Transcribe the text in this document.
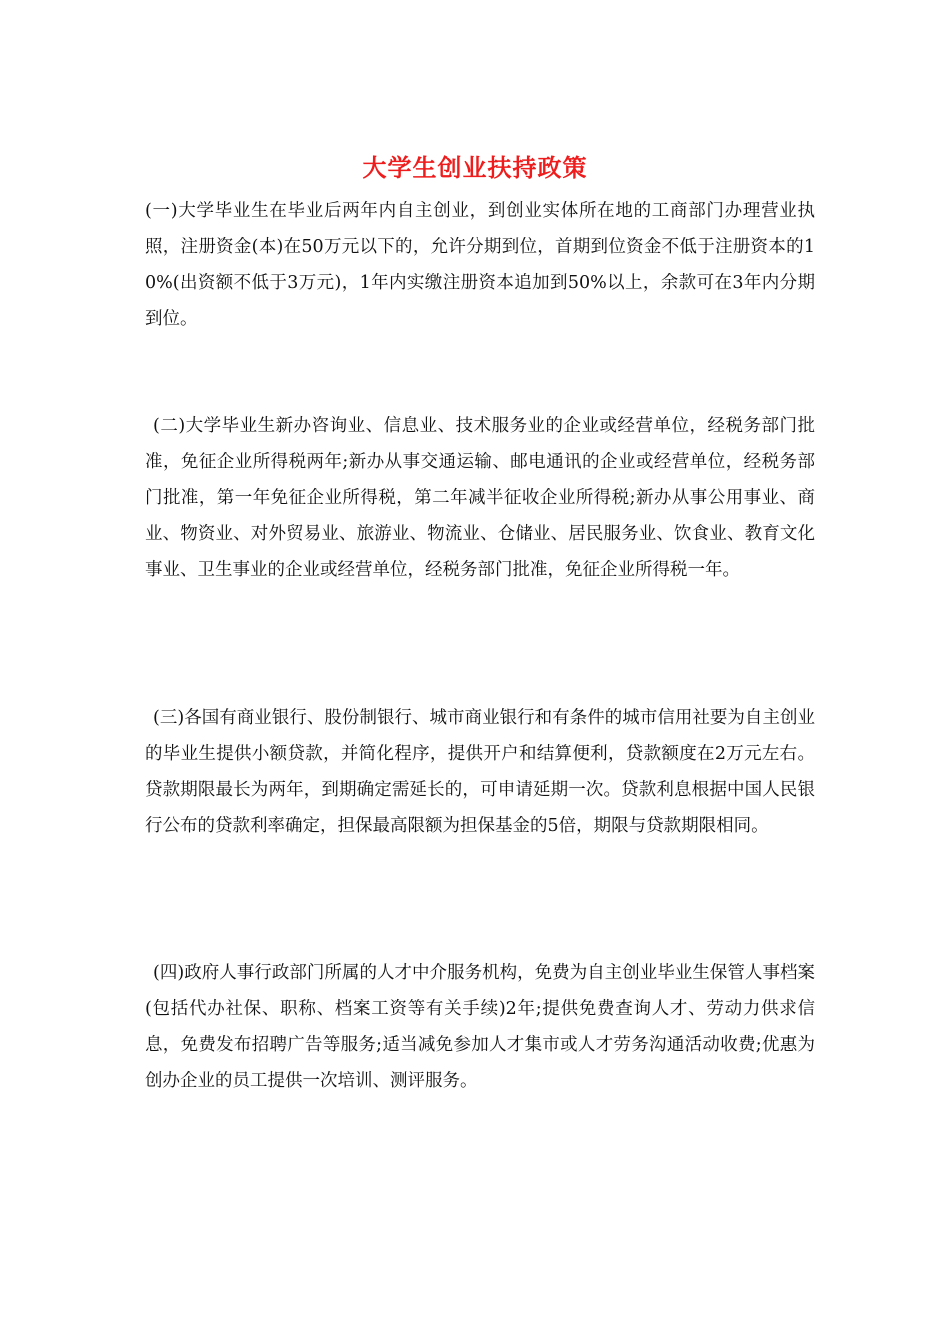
大学生创业扶持政策

(一)大学毕业生在毕业后两年内自主创业，到创业实体所在地的工商部门办理营业执照，注册资金(本)在50万元以下的，允许分期到位，首期到位资金不低于注册资本的10%(出资额不低于3万元)，1年内实缴注册资本追加到50%以上，余款可在3年内分期到位。

(二)大学毕业生新办咨询业、信息业、技术服务业的企业或经营单位，经税务部门批准，免征企业所得税两年;新办从事交通运输、邮电通讯的企业或经营单位，经税务部门批准，第一年免征企业所得税，第二年减半征收企业所得税;新办从事公用事业、商业、物资业、对外贸易业、旅游业、物流业、仓储业、居民服务业、饮食业、教育文化事业、卫生事业的企业或经营单位，经税务部门批准，免征企业所得税一年。

(三)各国有商业银行、股份制银行、城市商业银行和有条件的城市信用社要为自主创业的毕业生提供小额贷款，并简化程序，提供开户和结算便利，贷款额度在2万元左右。贷款期限最长为两年，到期确定需延长的，可申请延期一次。贷款利息根据中国人民银行公布的贷款利率确定，担保最高限额为担保基金的5倍，期限与贷款期限相同。

(四)政府人事行政部门所属的人才中介服务机构，免费为自主创业毕业生保管人事档案(包括代办社保、职称、档案工资等有关手续)2年;提供免费查询人才、劳动力供求信息，免费发布招聘广告等服务;适当减免参加人才集市或人才劳务沟通活动收费;优惠为创办企业的员工提供一次培训、测评服务。
